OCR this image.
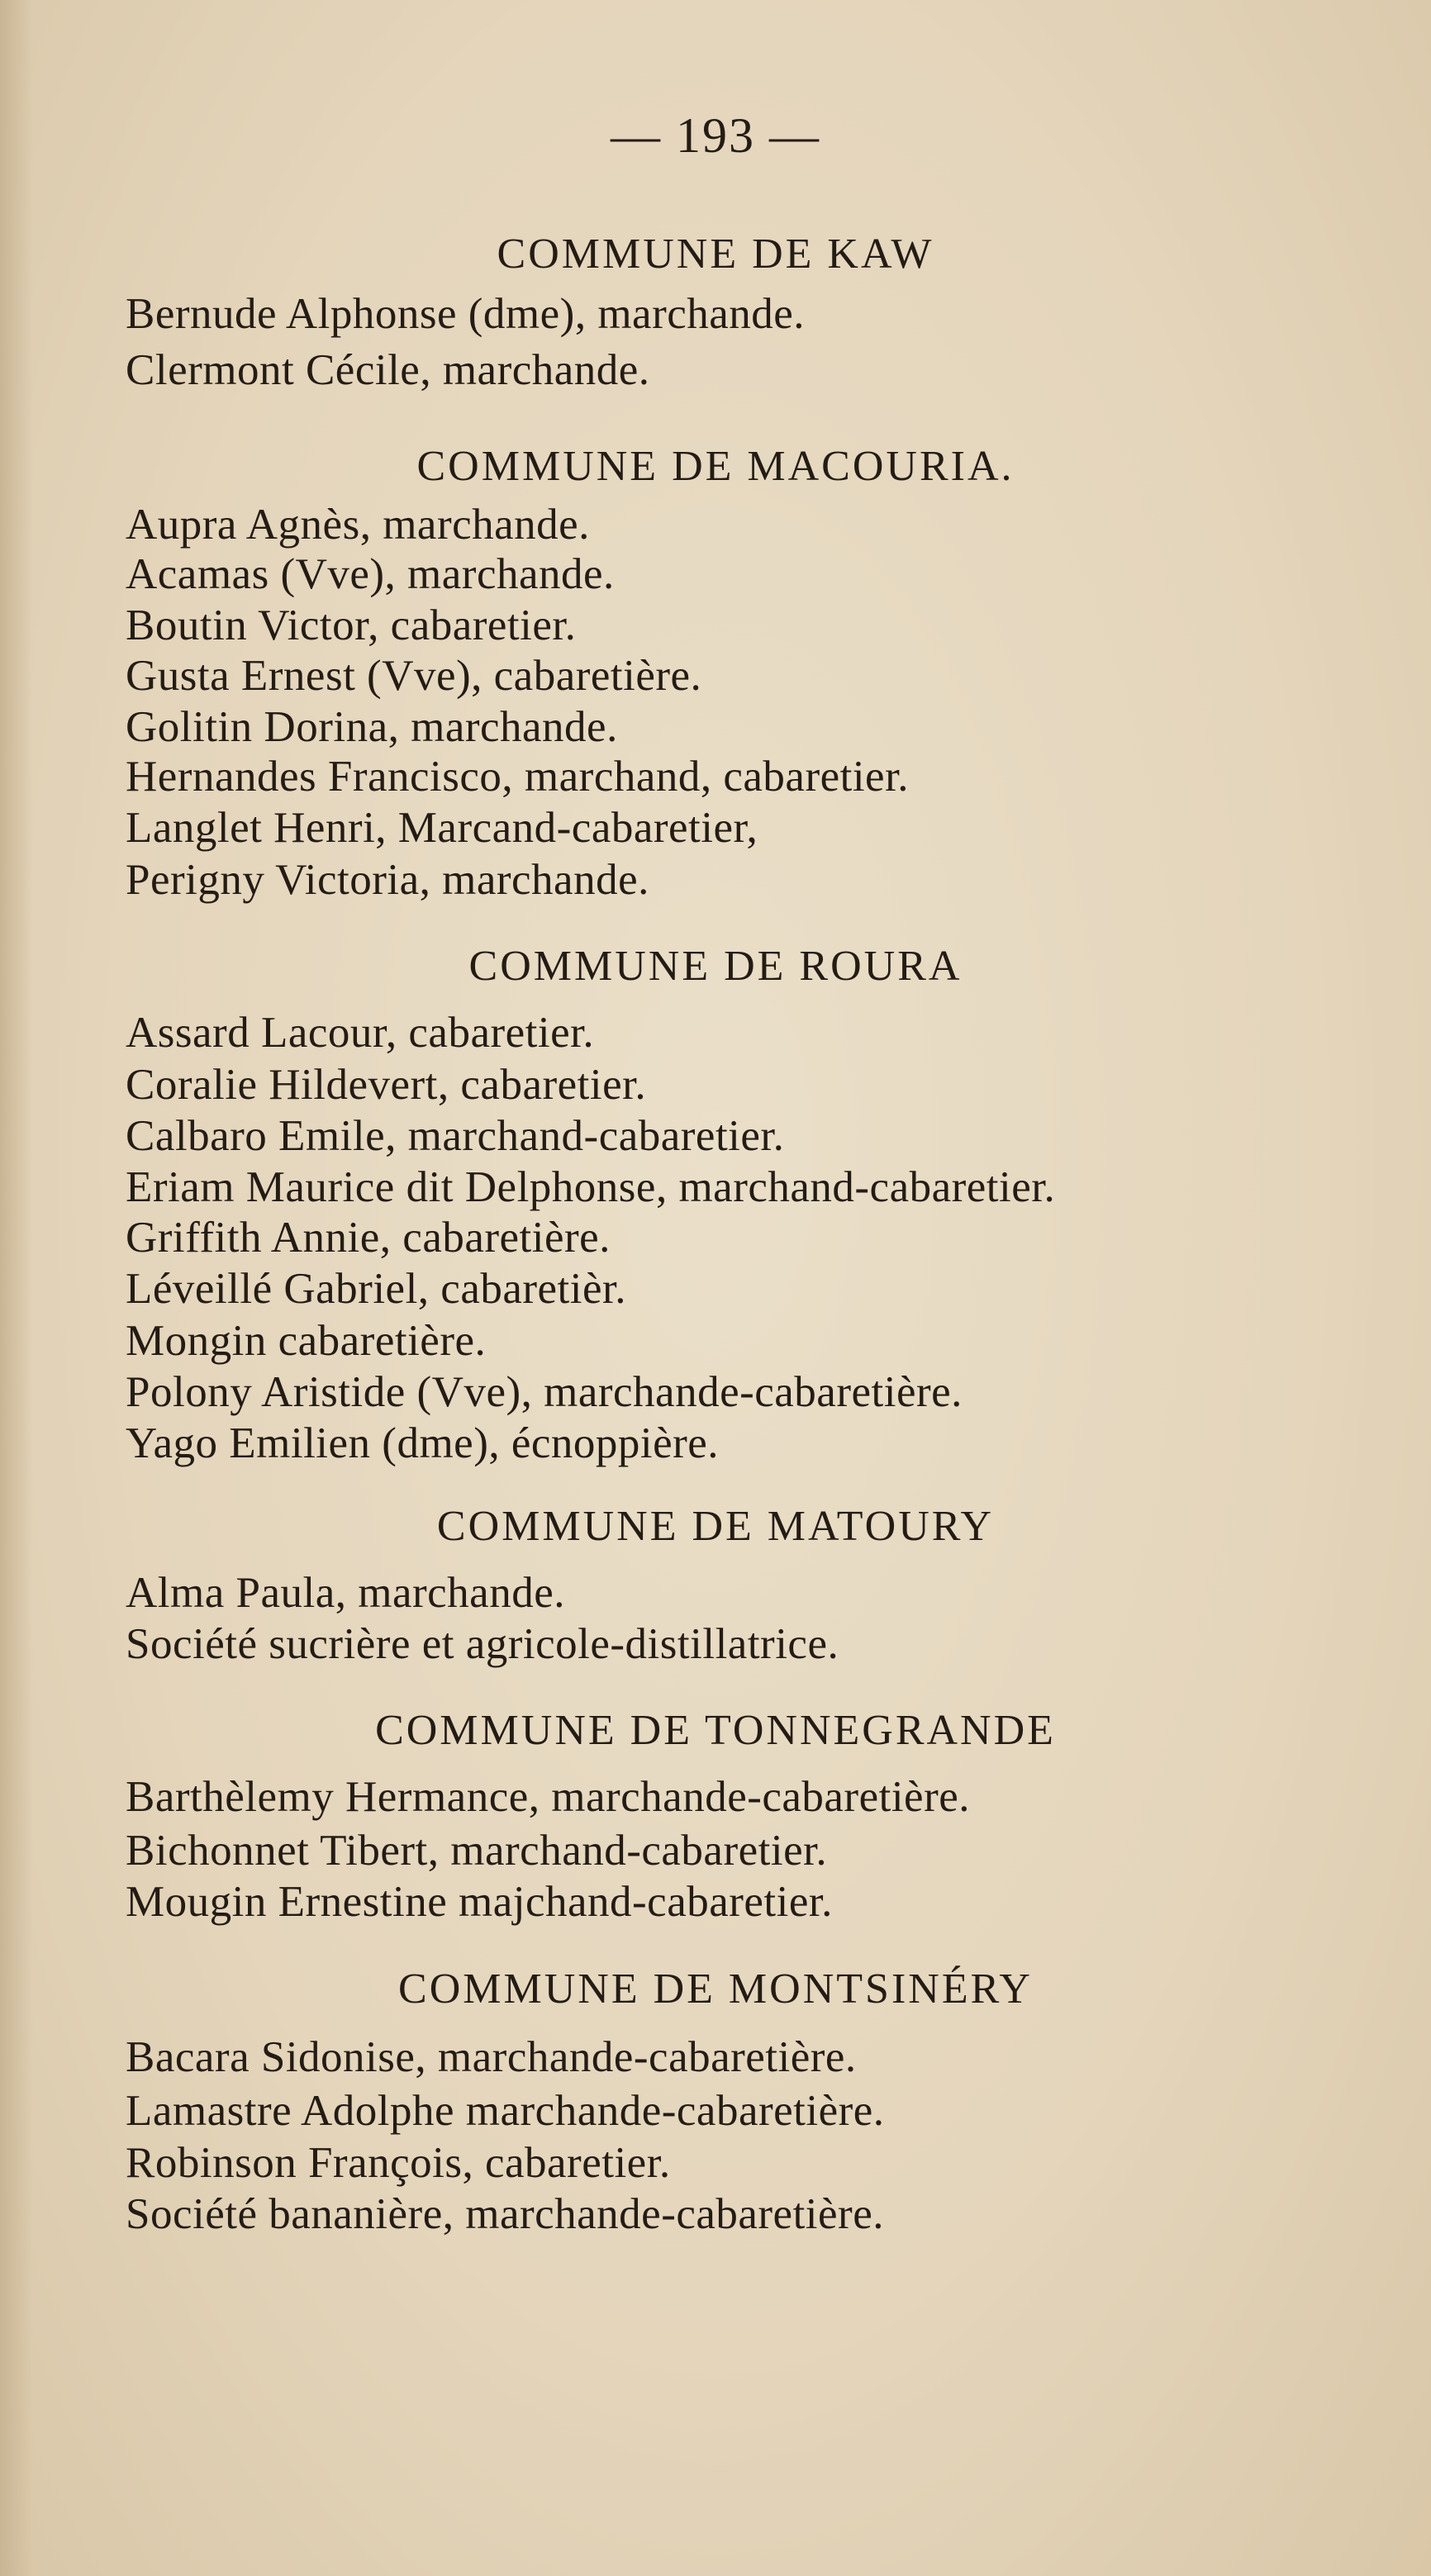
— 193 —
COMMUNE DE KAW
Bernude Alphonse (dme), marchande.
Clermont Cécile, marchande.
COMMUNE DE MACOURIA.
Aupra Agnès, marchande.
Acamas (Vve), marchande.
Boutin Victor, cabaretier.
Gusta Ernest (Vve), cabaretière.
Golitin Dorina, marchande.
Hernandes Francisco, marchand, cabaretier.
Langlet Henri, Marcand-cabaretier,
Perigny Victoria, marchande.
COMMUNE DE ROURA
Assard Lacour, cabaretier.
Coralie Hildevert, cabaretier.
Calbaro Emile, marchand-cabaretier.
Eriam Maurice dit Delphonse, marchand-cabaretier.
Griffith Annie, cabaretière.
Léveillé Gabriel, cabaretièr.
Mongin cabaretière.
Polony Aristide (Vve), marchande-cabaretière.
Yago Emilien (dme), écnoppière.
COMMUNE DE MATOURY
Alma Paula, marchande.
Société sucrière et agricole-distillatrice.
COMMUNE DE TONNEGRANDE
Barthèlemy Hermance, marchande-cabaretière.
Bichonnet Tibert, marchand-cabaretier.
Mougin Ernestine majchand-cabaretier.
COMMUNE DE MONTSINÉRY
Bacara Sidonise, marchande-cabaretière.
Lamastre Adolphe marchande-cabaretière.
Robinson François, cabaretier.
Société bananière, marchande-cabaretière.
